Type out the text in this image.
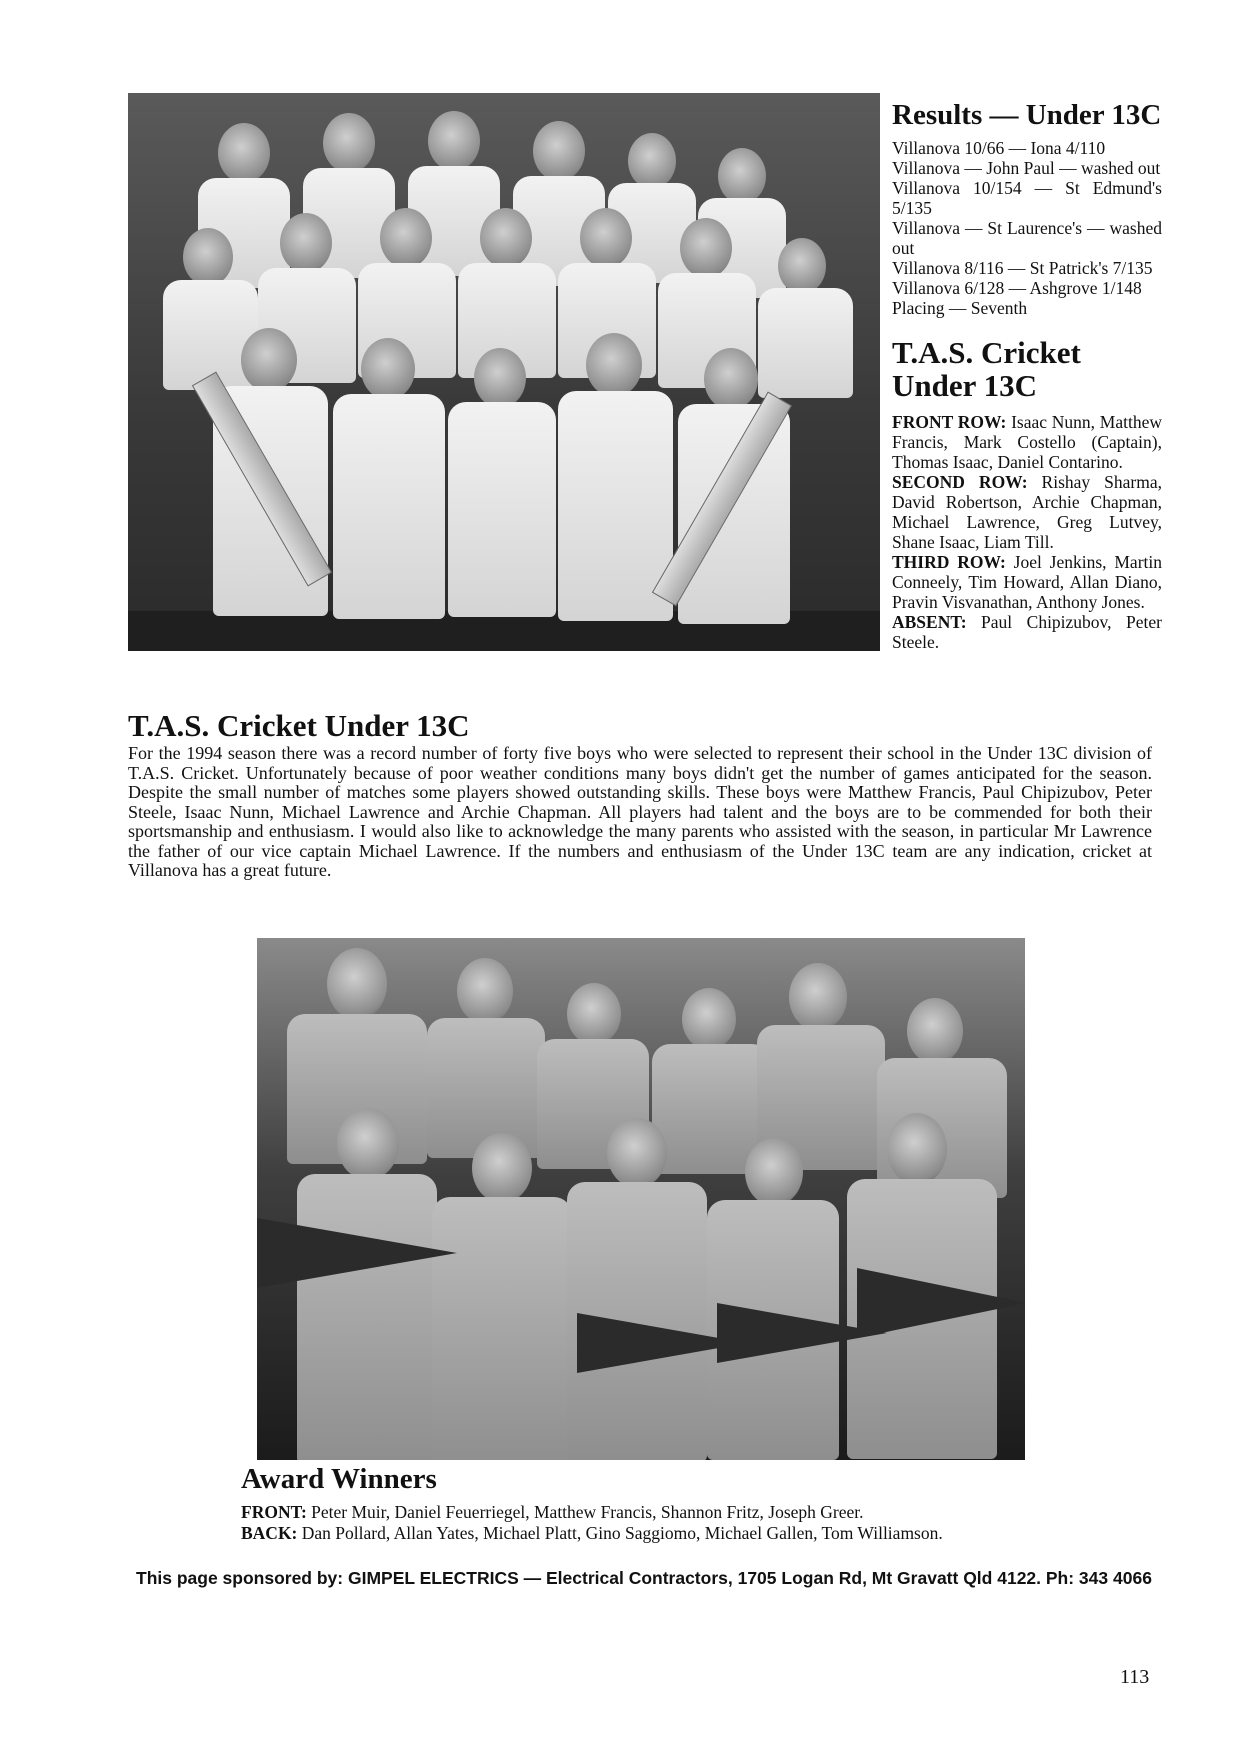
Results — Under 13C
Villanova 10/66 — Iona 4/110
Villanova — John Paul — washed out
Villanova 10/154 — St Edmund's 5/135
Villanova — St Laurence's — washed out
Villanova 8/116 — St Patrick's 7/135
Villanova 6/128 — Ashgrove 1/148
Placing — Seventh
T.A.S. Cricket Under 13C

FRONT ROW: Isaac Nunn, Matthew Francis, Mark Costello (Captain), Thomas Isaac, Daniel Contarino.

SECOND ROW: Rishay Sharma, David Robertson, Archie Chapman, Michael Lawrence, Greg Lutvey, Shane Isaac, Liam Till.

THIRD ROW: Joel Jenkins, Martin Conneely, Tim Howard, Allan Diano, Pravin Visvanathan, Anthony Jones.

ABSENT: Paul Chipizubov, Peter Steele.

T.A.S. Cricket Under 13C

For the 1994 season there was a record number of forty five boys who were selected to represent their school in the Under 13C division of T.A.S. Cricket. Unfortunately because of poor weather conditions many boys didn't get the number of games anticipated for the season. Despite the small number of matches some players showed outstanding skills. These boys were Matthew Francis, Paul Chipizubov, Peter Steele, Isaac Nunn, Michael Lawrence and Archie Chapman. All players had talent and the boys are to be commended for both their sportsmanship and enthusiasm. I would also like to acknowledge the many parents who assisted with the season, in particular Mr Lawrence the father of our vice captain Michael Lawrence. If the numbers and enthusiasm of the Under 13C team are any indication, cricket at Villanova has a great future.

Award Winners

FRONT: Peter Muir, Daniel Feuerriegel, Matthew Francis, Shannon Fritz, Joseph Greer.

BACK: Dan Pollard, Allan Yates, Michael Platt, Gino Saggiomo, Michael Gallen, Tom Williamson.

This page sponsored by: GIMPEL ELECTRICS — Electrical Contractors, 1705 Logan Rd, Mt Gravatt Qld 4122. Ph: 343 4066

113
